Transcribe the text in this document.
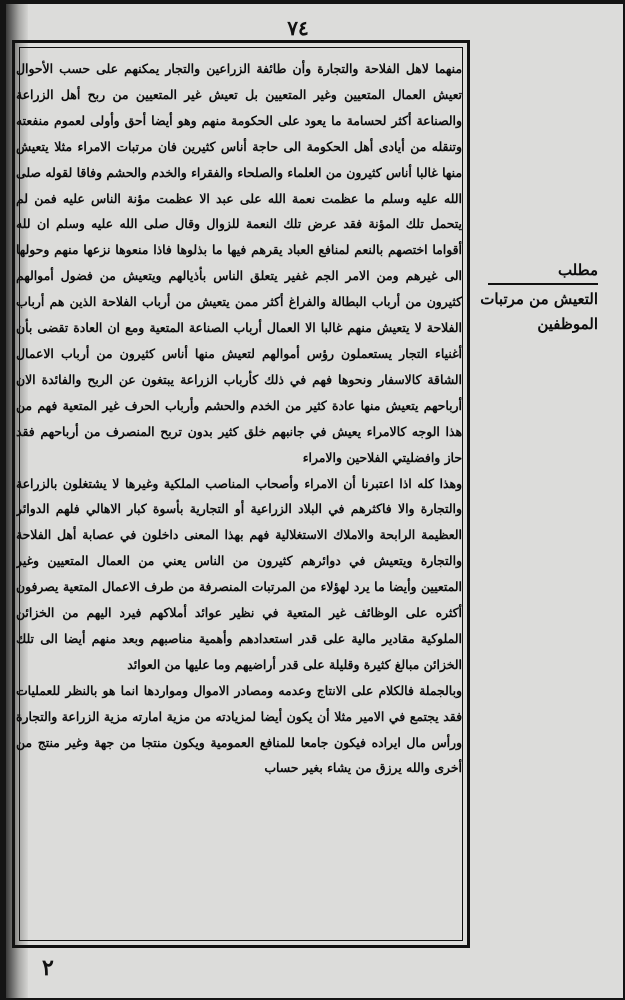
٧٤

منهما لاهل الفلاحة والتجارة وأن طائفة الزراعين والتجار يمكنهم على حسب الأحوال تعيش العمال المتعيين وغير المتعيين بل تعيش غير المتعيين من ربح أهل الزراعة والصناعة أكثر لحسامة ما يعود على الحكومة منهم وهو أيضا أحق وأولى لعموم منفعته وتنقله من أيادى أهل الحكومة الى حاجة أناس كثيرين فان مرتبات الامراء مثلا يتعيش منها غالبا أناس كثيرون من العلماء والصلحاء والفقراء والخدم والحشم وفاقا لقوله صلى الله عليه وسلم ما عظمت نعمة الله على عبد الا عظمت مؤنة الناس عليه فمن لم يتحمل تلك المؤنة فقد عرض تلك النعمة للزوال وقال صلى الله عليه وسلم ان لله أقواما اختصهم بالنعم لمنافع العباد يقرهم فيها ما بذلوها فاذا منعوها نزعها منهم وحولها الى غيرهم ومن الامر الجم غفير يتعلق الناس بأذيالهم ويتعيش من فضول أموالهم كثيرون من أرباب البطالة والفراغ أكثر ممن يتعيش من أرباب الفلاحة الذين هم أرباب الفلاحة لا يتعيش منهم غالبا الا العمال أرباب الصناعة المتعية ومع ان العادة تقضى بأن أغنياء التجار يستعملون رؤس أموالهم لتعيش منها أناس كثيرون من أرباب الاعمال الشاقة كالاسفار ونحوها فهم في ذلك كأرباب الزراعة يبتغون عن الربح والفائدة الان أرباحهم يتعيش منها عادة كثير من الخدم والحشم وأرباب الحرف غير المتعية فهم من هذا الوجه كالامراء يعيش في جانبهم خلق كثير بدون تربح المنصرف من أرباحهم فقد حاز وافضليتي الفلاحين والامراء

وهذا كله اذا اعتبرنا أن الامراء وأصحاب المناصب الملكية وغيرها لا يشتغلون بالزراعة والتجارة والا فاكثرهم في البلاد الزراعية أو التجارية بأسوة كبار الاهالي فلهم الدوائر العظيمة الرابحة والاملاك الاستغلالية فهم بهذا المعنى داخلون في عصابة أهل الفلاحة والتجارة ويتعيش في دوائرهم كثيرون من الناس يعني من العمال المتعيين وغير المتعيين وأيضا ما يرد لهؤلاء من المرتبات المنصرفة من طرف الاعمال المتعية يصرفون أكثره على الوظائف غير المتعية في نظير عوائد أملاكهم فيرد اليهم من الخزائن الملوكية مقادير مالية على قدر استعدادهم وأهمية مناصبهم وبعد منهم أيضا الى تلك الخزائن مبالغ كثيرة وقليلة على قدر أراضيهم وما عليها من العوائد

وبالجملة فالكلام على الانتاج وعدمه ومصادر الاموال ومواردها انما هو بالنظر للعمليات فقد يجتمع في الامير مثلا أن يكون أيضا لمزيادته من مزية امارته مزية الزراعة والتجارة ورأس مال ايراده فيكون جامعا للمنافع العمومية ويكون منتجا من جهة وغير منتج من أخرى والله يرزق من يشاء بغير حساب

مطلب
التعيش من مرتبات الموظفين
٢
